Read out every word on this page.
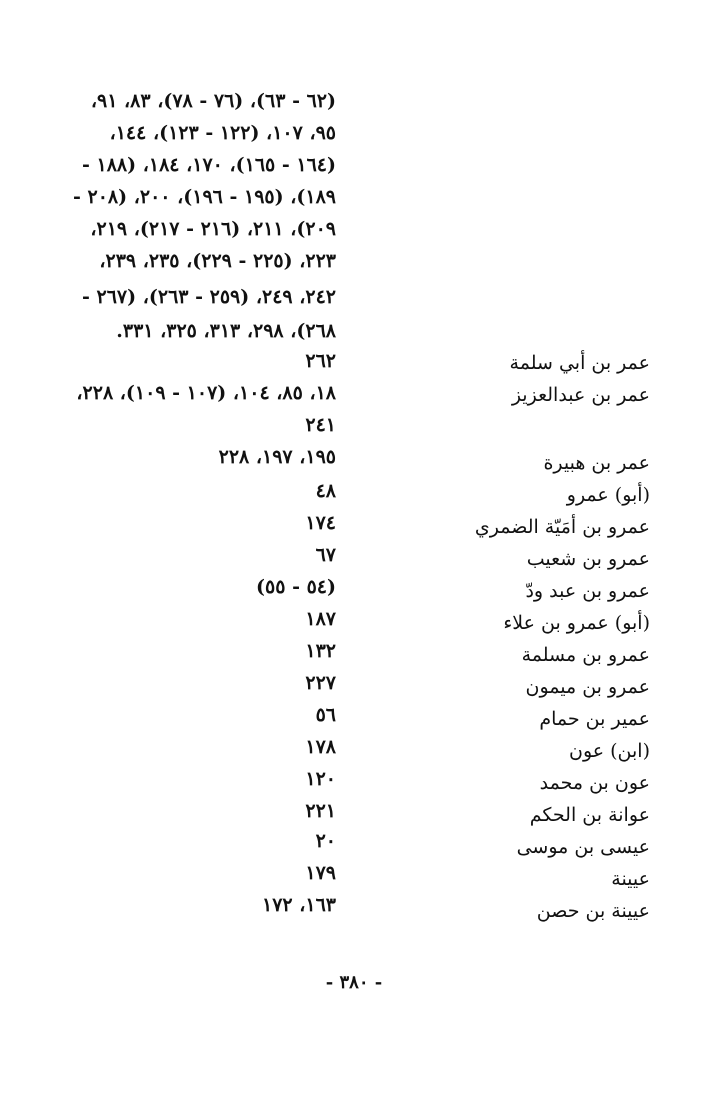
(٦٢ - ٦٣)، (٧٦ - ٧٨)، ٨٣، ٩١،
٩٥، ١٠٧، (١٢٢ - ١٢٣)، ١٤٤،
(١٦٤ - ١٦٥)، ١٧٠، ١٨٤، (١٨٨ -
١٨٩)، (١٩٥ - ١٩٦)، ٢٠٠، (٢٠٨ -
٢٠٩)، ٢١١، (٢١٦ - ٢١٧)، ٢١٩،
٢٢٣، (٢٢٥ - ٢٢٩)، ٢٣٥، ٢٣٩،
٢٤٢، ٢٤٩، (٢٥٩ - ٢٦٣)، (٢٦٧ -
٢٦٨)، ٢٩٨، ٣١٣، ٣٢٥، ٣٣١.
عمر بن أبي سلمة
٢٦٢
عمر بن عبدالعزيز
١٨، ٨٥، ١٠٤، (١٠٧ - ١٠٩)، ٢٢٨،
٢٤١
عمر بن هبيرة
١٩٥، ١٩٧، ٢٢٨
(أبو) عمرو
٤٨
عمرو بن أمَيّة الضمري
١٧٤
عمرو بن شعيب
٦٧
عمرو بن عبد ودّ
(٥٤ - ٥٥)
(أبو) عمرو بن علاء
١٨٧
عمرو بن مسلمة
١٣٢
عمرو بن ميمون
٢٢٧
عمير بن حمام
٥٦
(ابن) عون
١٧٨
عون بن محمد
١٢٠
عوانة بن الحكم
٢٢١
عيسى بن موسى
٢٠
عيينة
١٧٩
عيينة بن حصن
١٦٣، ١٧٢
- ٣٨٠ -
